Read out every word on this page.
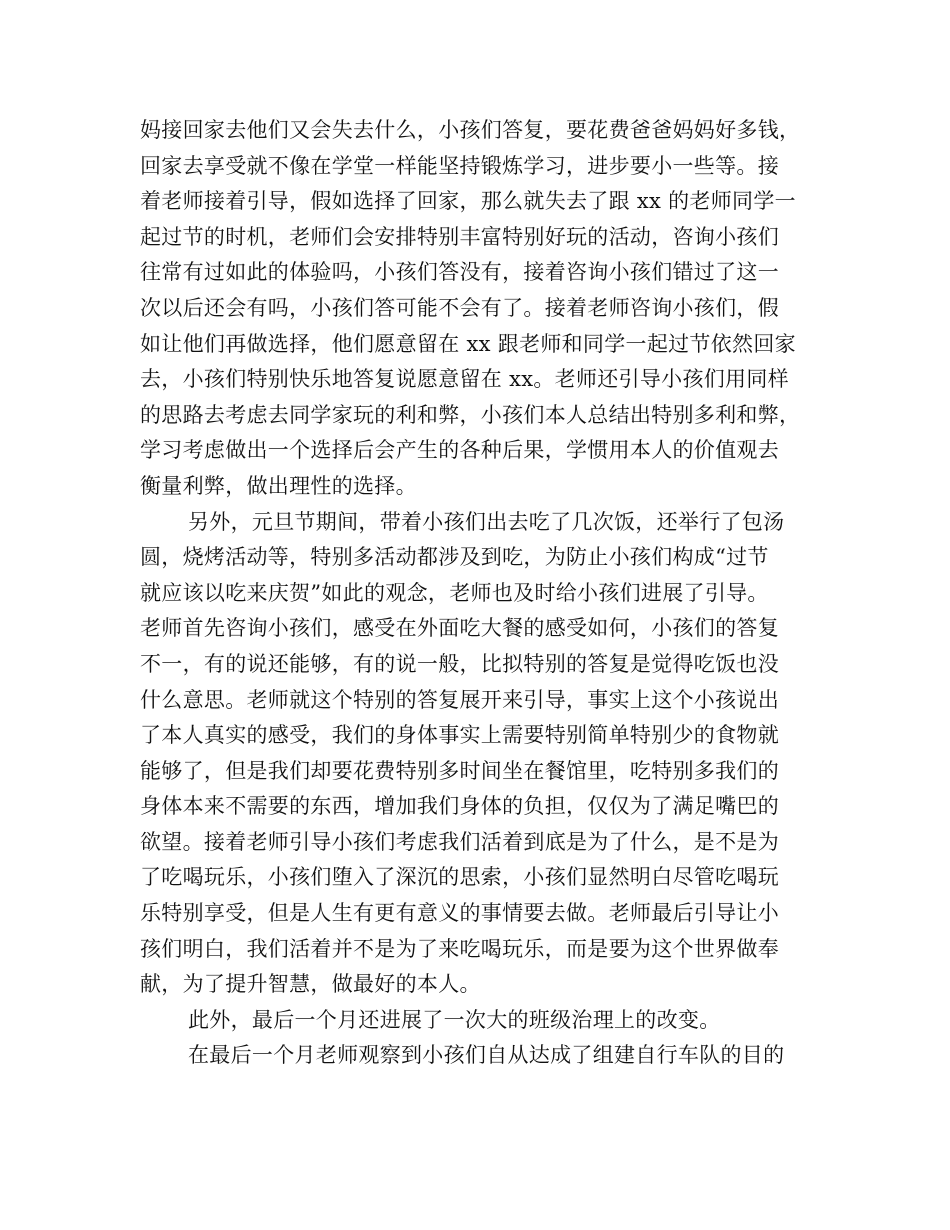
妈接回家去他们又会失去什么，小孩们答复，要花费爸爸妈妈好多钱，
回家去享受就不像在学堂一样能坚持锻炼学习，进步要小一些等。接
着老师接着引导，假如选择了回家，那么就失去了跟 xx 的老师同学一
起过节的时机，老师们会安排特别丰富特别好玩的活动，咨询小孩们
往常有过如此的体验吗，小孩们答没有，接着咨询小孩们错过了这一
次以后还会有吗，小孩们答可能不会有了。接着老师咨询小孩们，假
如让他们再做选择，他们愿意留在 xx 跟老师和同学一起过节依然回家
去，小孩们特别快乐地答复说愿意留在 xx。老师还引导小孩们用同样
的思路去考虑去同学家玩的利和弊，小孩们本人总结出特别多利和弊，
学习考虑做出一个选择后会产生的各种后果，学惯用本人的价值观去
衡量利弊，做出理性的选择。
另外，元旦节期间，带着小孩们出去吃了几次饭，还举行了包汤
圆，烧烤活动等，特别多活动都涉及到吃，为防止小孩们构成“过节
就应该以吃来庆贺”如此的观念，老师也及时给小孩们进展了引导。
老师首先咨询小孩们，感受在外面吃大餐的感受如何，小孩们的答复
不一，有的说还能够，有的说一般，比拟特别的答复是觉得吃饭也没
什么意思。老师就这个特别的答复展开来引导，事实上这个小孩说出
了本人真实的感受，我们的身体事实上需要特别简单特别少的食物就
能够了，但是我们却要花费特别多时间坐在餐馆里，吃特别多我们的
身体本来不需要的东西，增加我们身体的负担，仅仅为了满足嘴巴的
欲望。接着老师引导小孩们考虑我们活着到底是为了什么，是不是为
了吃喝玩乐，小孩们堕入了深沉的思索，小孩们显然明白尽管吃喝玩
乐特别享受，但是人生有更有意义的事情要去做。老师最后引导让小
孩们明白，我们活着并不是为了来吃喝玩乐，而是要为这个世界做奉
献，为了提升智慧，做最好的本人。
此外，最后一个月还进展了一次大的班级治理上的改变。
在最后一个月老师观察到小孩们自从达成了组建自行车队的目的
